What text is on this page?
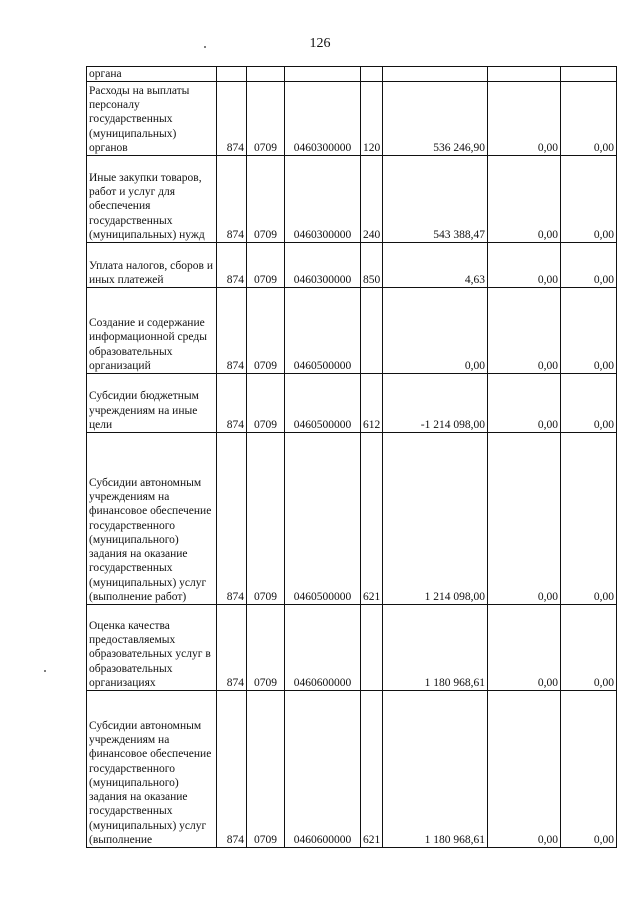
126
органа							
Расходы на выплаты персоналу государственных (муниципальных) органов	874	0709	0460300000	120	536 246,90	0,00	0,00
Иные закупки товаров, работ и услуг для обеспечения государственных (муниципальных) нужд	874	0709	0460300000	240	543 388,47	0,00	0,00
Уплата налогов, сборов и иных платежей	874	0709	0460300000	850	4,63	0,00	0,00
Создание и содержание информационной среды образовательных организаций	874	0709	0460500000		0,00	0,00	0,00
Субсидии бюджетным учреждениям на иные цели	874	0709	0460500000	612	-1 214 098,00	0,00	0,00
Субсидии автономным учреждениям на финансовое обеспечение государственного (муниципального) задания на оказание государственных (муниципальных) услуг (выполнение работ)	874	0709	0460500000	621	1 214 098,00	0,00	0,00
Оценка качества предоставляемых образовательных услуг в образовательных организациях	874	0709	0460600000		1 180 968,61	0,00	0,00
Субсидии автономным учреждениям на финансовое обеспечение государственного (муниципального) задания на оказание государственных (муниципальных) услуг (выполнение	874	0709	0460600000	621	1 180 968,61	0,00	0,00
